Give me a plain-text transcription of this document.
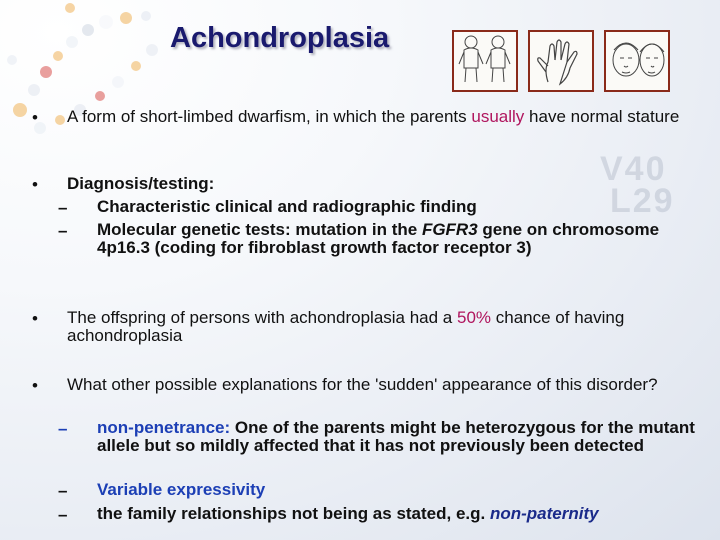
V40
L29
Achondroplasia
• A form of short-limbed dwarfism, in which the parents usually have normal stature
• Diagnosis/testing:
– Characteristic clinical and radiographic finding
– Molecular genetic tests: mutation in the FGFR3 gene on chromosome 4p16.3 (coding for fibroblast growth factor receptor 3)
• The offspring of persons with achondroplasia had a 50% chance of having achondroplasia
• What other possible explanations for the 'sudden' appearance of this disorder?
– non-penetrance: One of the parents might be heterozygous for the mutant allele but so mildly affected that it has not previously been detected
– Variable expressivity
– the family relationships not being as stated, e.g. non-paternity
